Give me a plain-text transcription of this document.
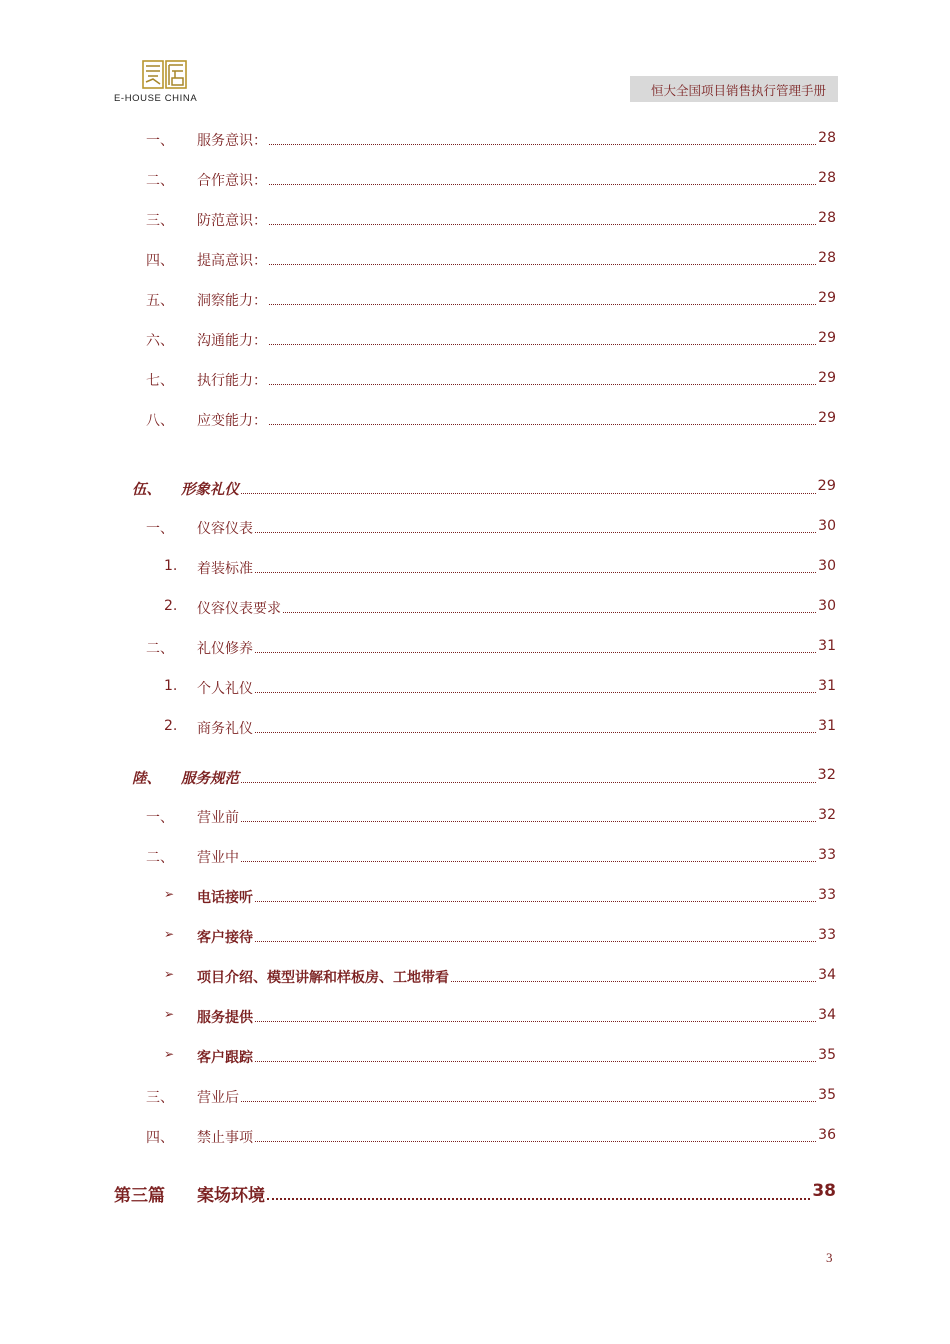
E-HOUSE CHINA
恒大全国项目销售执行管理手册
一、 服务意识：	28
二、 合作意识：	28
三、 防范意识：	28
四、 提高意识：	28
五、 洞察能力：	29
六、 沟通能力：	29
七、 执行能力：	29
八、 应变能力：	29
伍、 形象礼仪	29
一、 仪容仪表	30
1. 着装标准	30
2. 仪容仪表要求	30
二、 礼仪修养	31
1. 个人礼仪	31
2. 商务礼仪	31
陸、 服务规范	32
一、 营业前	32
二、 营业中	33
➢ 电话接听	33
➢ 客户接待	33
➢ 项目介绍、模型讲解和样板房、工地带看	34
➢ 服务提供	34
➢ 客户跟踪	35
三、 营业后	35
四、 禁止事项	36
第三篇 案场环境	38
3
